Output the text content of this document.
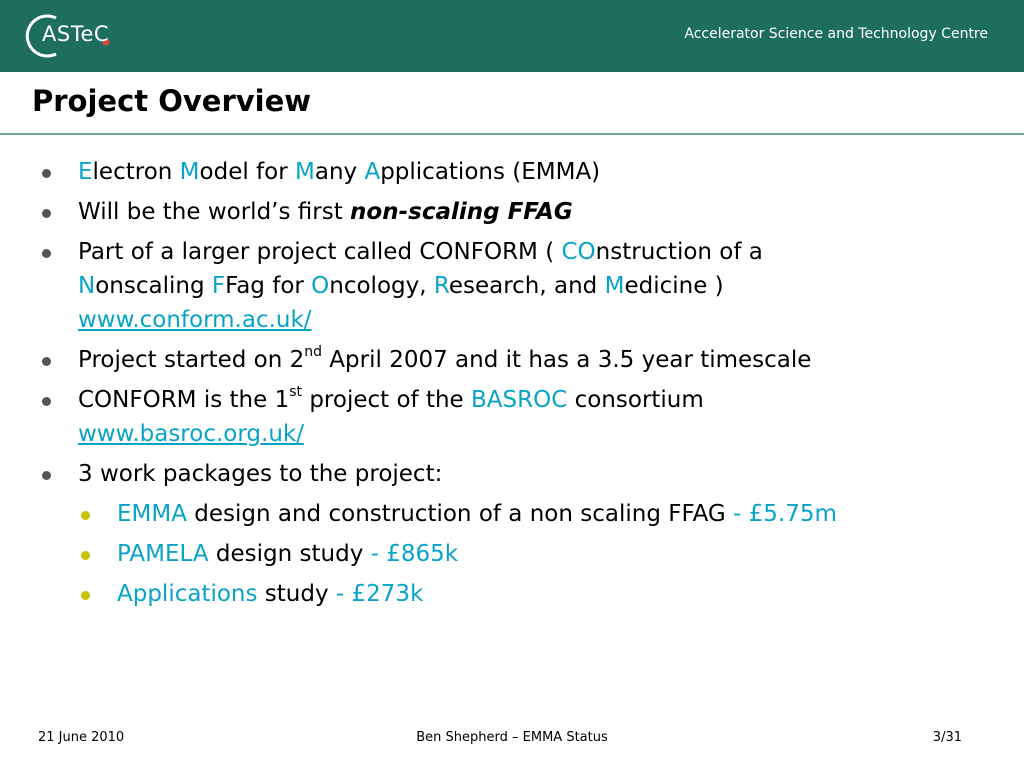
ASTeC	Accelerator Science and Technology Centre
Project Overview
Electron Model for Many Applications (EMMA)
Will be the world’s first non-scaling FFAG
Part of a larger project called CONFORM ( COnstruction of a
Nonscaling FFag for Oncology, Research, and Medicine )
www.conform.ac.uk/
Project started on 2nd April 2007 and it has a 3.5 year timescale
CONFORM is the 1st project of the BASROC consortium
www.basroc.org.uk/
3 work packages to the project:
EMMA design and construction of a non scaling FFAG - £5.75m
PAMELA design study - £865k
Applications study - £273k
21 June 2010	Ben Shepherd – EMMA Status	3/31
